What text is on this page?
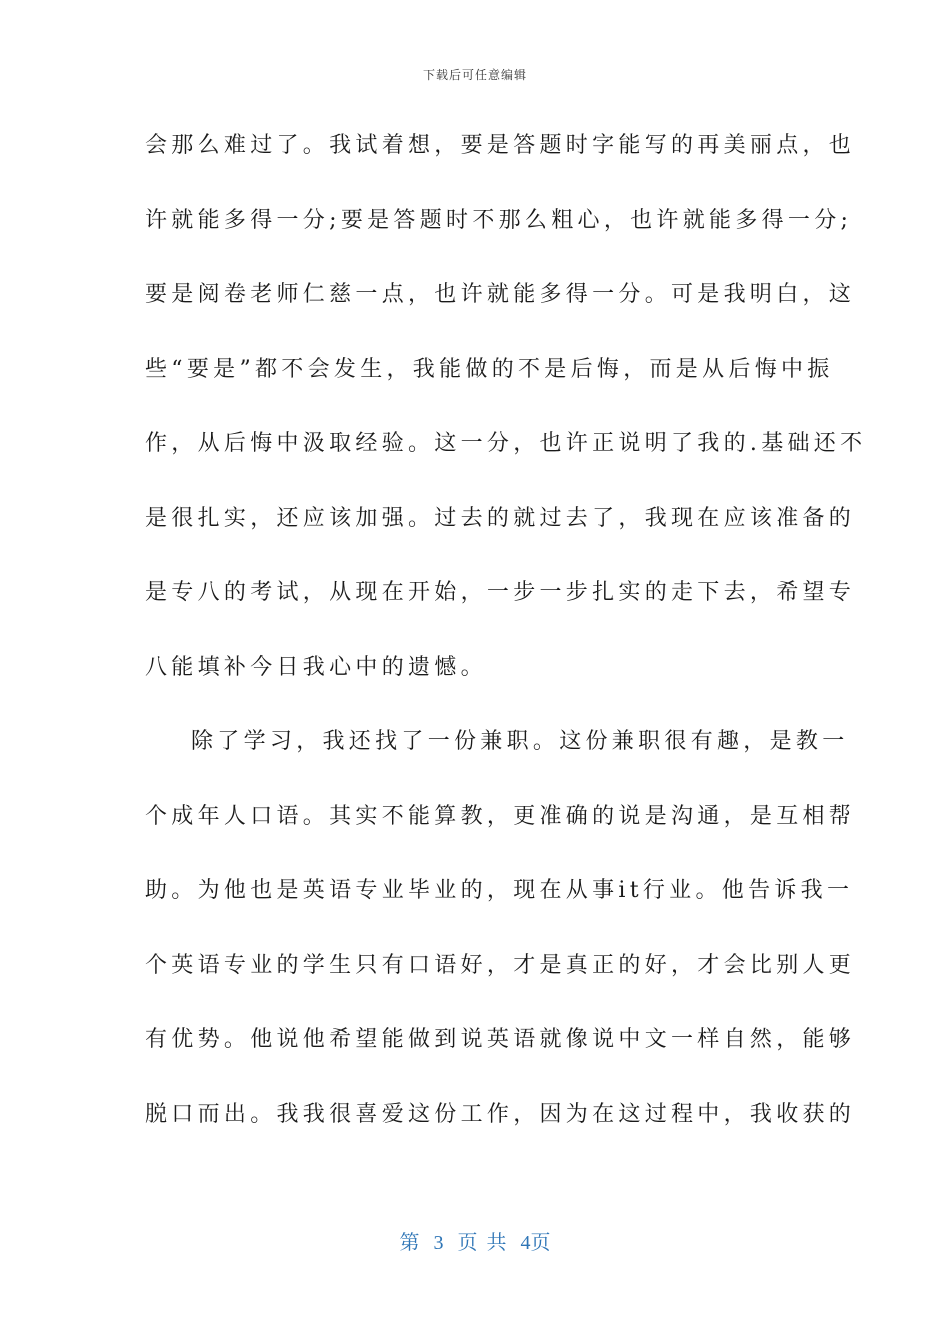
下载后可任意编辑
会那么难过了。我试着想，要是答题时字能写的再美丽点，也
许就能多得一分;要是答题时不那么粗心，也许就能多得一分;
要是阅卷老师仁慈一点，也许就能多得一分。可是我明白，这
些“要是”都不会发生，我能做的不是后悔，而是从后悔中振
作，从后悔中汲取经验。这一分，也许正说明了我的.基础还不
是很扎实，还应该加强。过去的就过去了，我现在应该准备的
是专八的考试，从现在开始，一步一步扎实的走下去，希望专
八能填补今日我心中的遗憾。
除了学习，我还找了一份兼职。这份兼职很有趣，是教一
个成年人口语。其实不能算教，更准确的说是沟通，是互相帮
助。为他也是英语专业毕业的，现在从事it行业。他告诉我一
个英语专业的学生只有口语好，才是真正的好，才会比别人更
有优势。他说他希望能做到说英语就像说中文一样自然，能够
脱口而出。我我很喜爱这份工作，因为在这过程中，我收获的
第 3 页 共 4页
